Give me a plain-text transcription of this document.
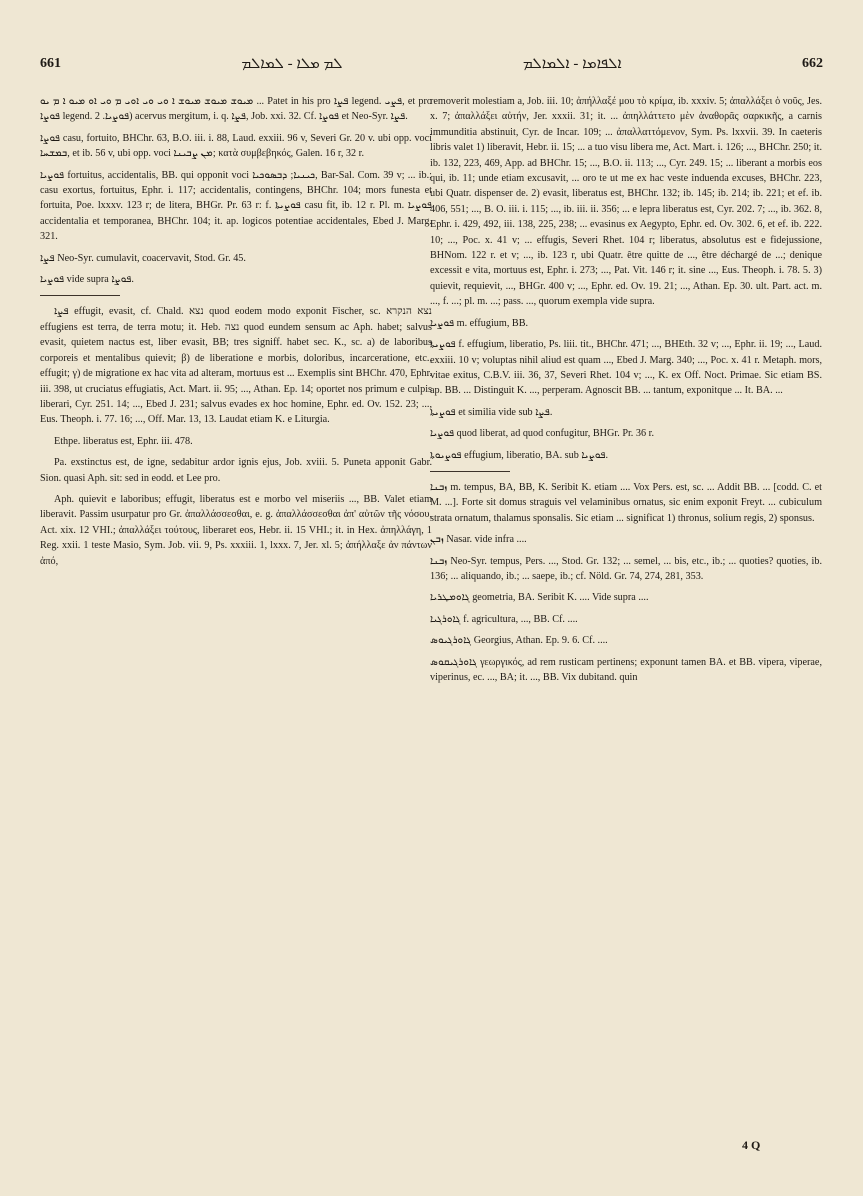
661	ܠܡ ܡܠܐ - ܠܡܐܠܡ	ܐܠܦܐܡܐ - ܐܠܡܐܠܡ	662

ܡܝܘܫ ܡܝܘܫ ܡܝܘܫ ܐ ܘܝ ܘܝ ܐܘܝ ܡ ܘܝ ܐܘ ܡܝܘ ܐ ܡ ܝܘ ... Patet in his pro ܦܨܐ legend. ܦܨܝ, et pro ܦܘܨܐ legend. ܦܘܨܝܐ. 2) acervus mergitum, i. q. ܦܨܐ, Job. xxi. 32. Cf. ܦܘܨܐ et Neo-Syr. ܦܨܐ.

ܦܘܨܐ casu, fortuito, BHChr. 63, B.O. iii. i. 88, Laud. exxiii. 96 v, Severi Gr. 20 v. ubi opp. voci ܒܡܫܚܐ, et ib. 56 v, ubi opp. voci ܡܢ ܨܒܝܢܐ; κατὰ συμβεβηκός, Galen. 16 r, 32 r.

ܦܘܨܝܐ fortuitus, accidentalis, BB. qui opponit voci ܟܝܢܝܐ; ܕܒܣܘܟܝܐ, Bar-Sal. Com. 39 v; ... ib.; casu exortus, fortuitus, Ephr. i. 117; accidentalis, contingens, BHChr. 104; mors funesta et fortuita, Poe. lxxxv. 123 r; de litera, BHGr. Pr. 63 r: f. ܦܘܨܝܬܐ casu fit, ib. 12 r. Pl. m. ܦܘܨܝܐ accidentalia et temporanea, BHChr. 104; it. ap. logicos potentiae accidentales, Ebed J. Marg. 321.

ܦܨܐ Neo-Syr. cumulavit, coacervavit, Stod. Gr. 45.

ܦܘܨܝܐ vide supra ܦܘܨܐ.

ܦܨܐ effugit, evasit, cf. Chald. נצא quod eodem modo exponit Fischer, sc. נצא הנקרא effugiens est terra, de terra motu; it. Heb. נצה quod eundem sensum ac Aph. habet; salvus evasit, quietem nactus est, liber evasit, BB; tres signiff. habet sec. K., sc. a) de laboribus corporeis et mentalibus quievit; β) de liberatione e morbis, doloribus, incarceratione, etc., effugit; γ) de migratione ex hac vita ad alteram, mortuus est ... Exemplis sint BHChr. 470, Ephr. iii. 398, ut cruciatus effugiatis, Act. Mart. ii. 95; ..., Athan. Ep. 14; oportet nos primum e culpis liberari, Cyr. 251. 14; ..., Ebed J. 231; salvus evades ex hoc homine, Ephr. ed. Ov. 152. 23; ..., Eus. Theoph. i. 77. 16; ..., Off. Mar. 13, 13. Laudat etiam K. e Liturgia.

Ethpe. liberatus est, Ephr. iii. 478.

Pa. exstinctus est, de igne, sedabitur ardor ignis ejus, Job. xviii. 5. Puneta apponit Gabr. Sion. quasi Aph. sit: sed in eodd. et Lee pro.

Aph. quievit e laboribus; effugit, liberatus est e morbo vel miseriis ..., BB. Valet etiam liberavit. Passim usurpatur pro Gr. ἀπαλλάσσεσθαι, e. g. ἀπαλλάσσεσθαι ἀπ' αὐτῶν τῆς νόσου, Act. xix. 12 VHI.; ἀπαλλάξει τούτους, liberaret eos, Hebr. ii. 15 VHI.; it. in Hex. ἀπηλλάγη, 1 Reg. xxii. 1 teste Masio, Sym. Job. vii. 9, Ps. xxxiii. 1, lxxx. 7, Jer. xl. 5; ἀπήλλαξε ἀν πάντων ἀπό,

removerit molestiam a, Job. iii. 10; ἀπήλλαξέ μου τὸ κρίμα, ib. xxxiv. 5; ἀπαλλάξει ὁ νοῦς, Jes. x. 7; ἀπαλλάξει αὐτήν, Jer. xxxii. 31; it. ... ἀπηλλάττετο μὲν ἀναθορᾶς σαρκικῆς, a carnis immunditia abstinuit, Cyr. de Incar. 109; ... ἀπαλλαττόμενον, Sym. Ps. lxxvii. 39. In caeteris libris valet 1) liberavit, Hebr. ii. 15; ... a tuo visu libera me, Act. Mart. i. 126; ..., BHChr. 250; it. ib. 132, 223, 469, App. ad BHChr. 15; ..., B.O. ii. 113; ..., Cyr. 249. 15; ... liberant a morbis eos qui, ib. 11; unde etiam excusavit, ... oro te ut me ex hac veste induenda excuses, BHChr. 223, ubi Quatr. dispenser de. 2) evasit, liberatus est, BHChr. 132; ib. 145; ib. 214; ib. 221; et ef. ib. 406, 551; ..., B. O. iii. i. 115; ..., ib. iii. ii. 356; ... e lepra liberatus est, Cyr. 202. 7; ..., ib. 362. 8, Ephr. i. 429, 492, iii. 138, 225, 238; ... evasinus ex Aegypto, Ephr. ed. Ov. 302. 6, et ef. ib. 222. 10; ..., Poc. x. 41 v; ... effugis, Severi Rhet. 104 r; liberatus, absolutus est e fidejussione, BHNom. 122 r. et v; ..., ib. 123 r, ubi Quatr. être quitte de ..., être déchargé de ...; denique excessit e vita, mortuus est, Ephr. i. 273; ..., Pat. Vit. 146 r; it. sine ..., Eus. Theoph. i. 78. 5. 3) quievit, requievit, ..., BHGr. 400 v; ..., Ephr. ed. Ov. 19. 21; ..., Athan. Ep. 30. ult. Part. act. m. ..., f. ...; pl. m. ...; pass. ..., quorum exempla vide supra.

ܦܘܨܝܐ m. effugium, BB.

ܦܘܨܝܬܐ f. effugium, liberatio, Ps. liii. tit., BHChr. 471; ..., BHEth. 32 v; ..., Ephr. ii. 19; ..., Laud. exxiii. 10 v; voluptas nihil aliud est quam ..., Ebed J. Marg. 340; ..., Poc. x. 41 r. Metaph. mors, vitae exitus, C.B.V. iii. 36, 37, Severi Rhet. 104 v; ..., K. ex Off. Noct. Primae. Sic etiam BS. ap. BB. ... Distinguit K. ..., perperam. Agnoscit BB. ... tantum, exponitque ... It. BA. ...

ܦܘܨܝܬܐ et similia vide sub ܦܨܐ.

ܦܘܨܝܐ quod liberat, ad quod confugitur, BHGr. Pr. 36 r.

ܦܘܨܝܘܬܐ effugium, liberatio, BA. sub ܦܘܨܝܐ.

ܙܒܢܐ m. tempus, BA, BB, K. Seribit K. etiam .... Vox Pers. est, sc. ... Addit BB. ... [codd. C. et M. ...]. Forte sit domus straguis vel velaminibus ornatus, sic enim exponit Freyt. ... cubiculum strata ornatum, thalamus sponsalis. Sic etiam ... significat 1) thronus, solium regis, 2) sponsus.

ܙܒܢ Nasar. vide infra ....

ܙܒܢܐ Neo-Syr. tempus, Pers. ..., Stod. Gr. 132; ... semel, ... bis, etc., ib.; ... quoties? quoties, ib. 136; ... aliquando, ib.; ... saepe, ib.; cf. Nöld. Gr. 74, 274, 281, 353.

ܓܐܘܡܛܪܝܐ geometria, BA. Seribit K. .... Vide supra ....

ܓܐܘܪܓܝܐ f. agricultura, ..., BB. Cf. ....

ܓܐܘܪܓܝܘܣ Georgius, Athan. Ep. 9. 6. Cf. ....

ܓܐܘܪܓܝܩܘܣ γεωργικός, ad rem rusticam pertinens; exponunt tamen BA. et BB. vipera, viperae, viperinus, ec. ..., BA; it. ..., BB. Vix dubitand. quin

4 Q
